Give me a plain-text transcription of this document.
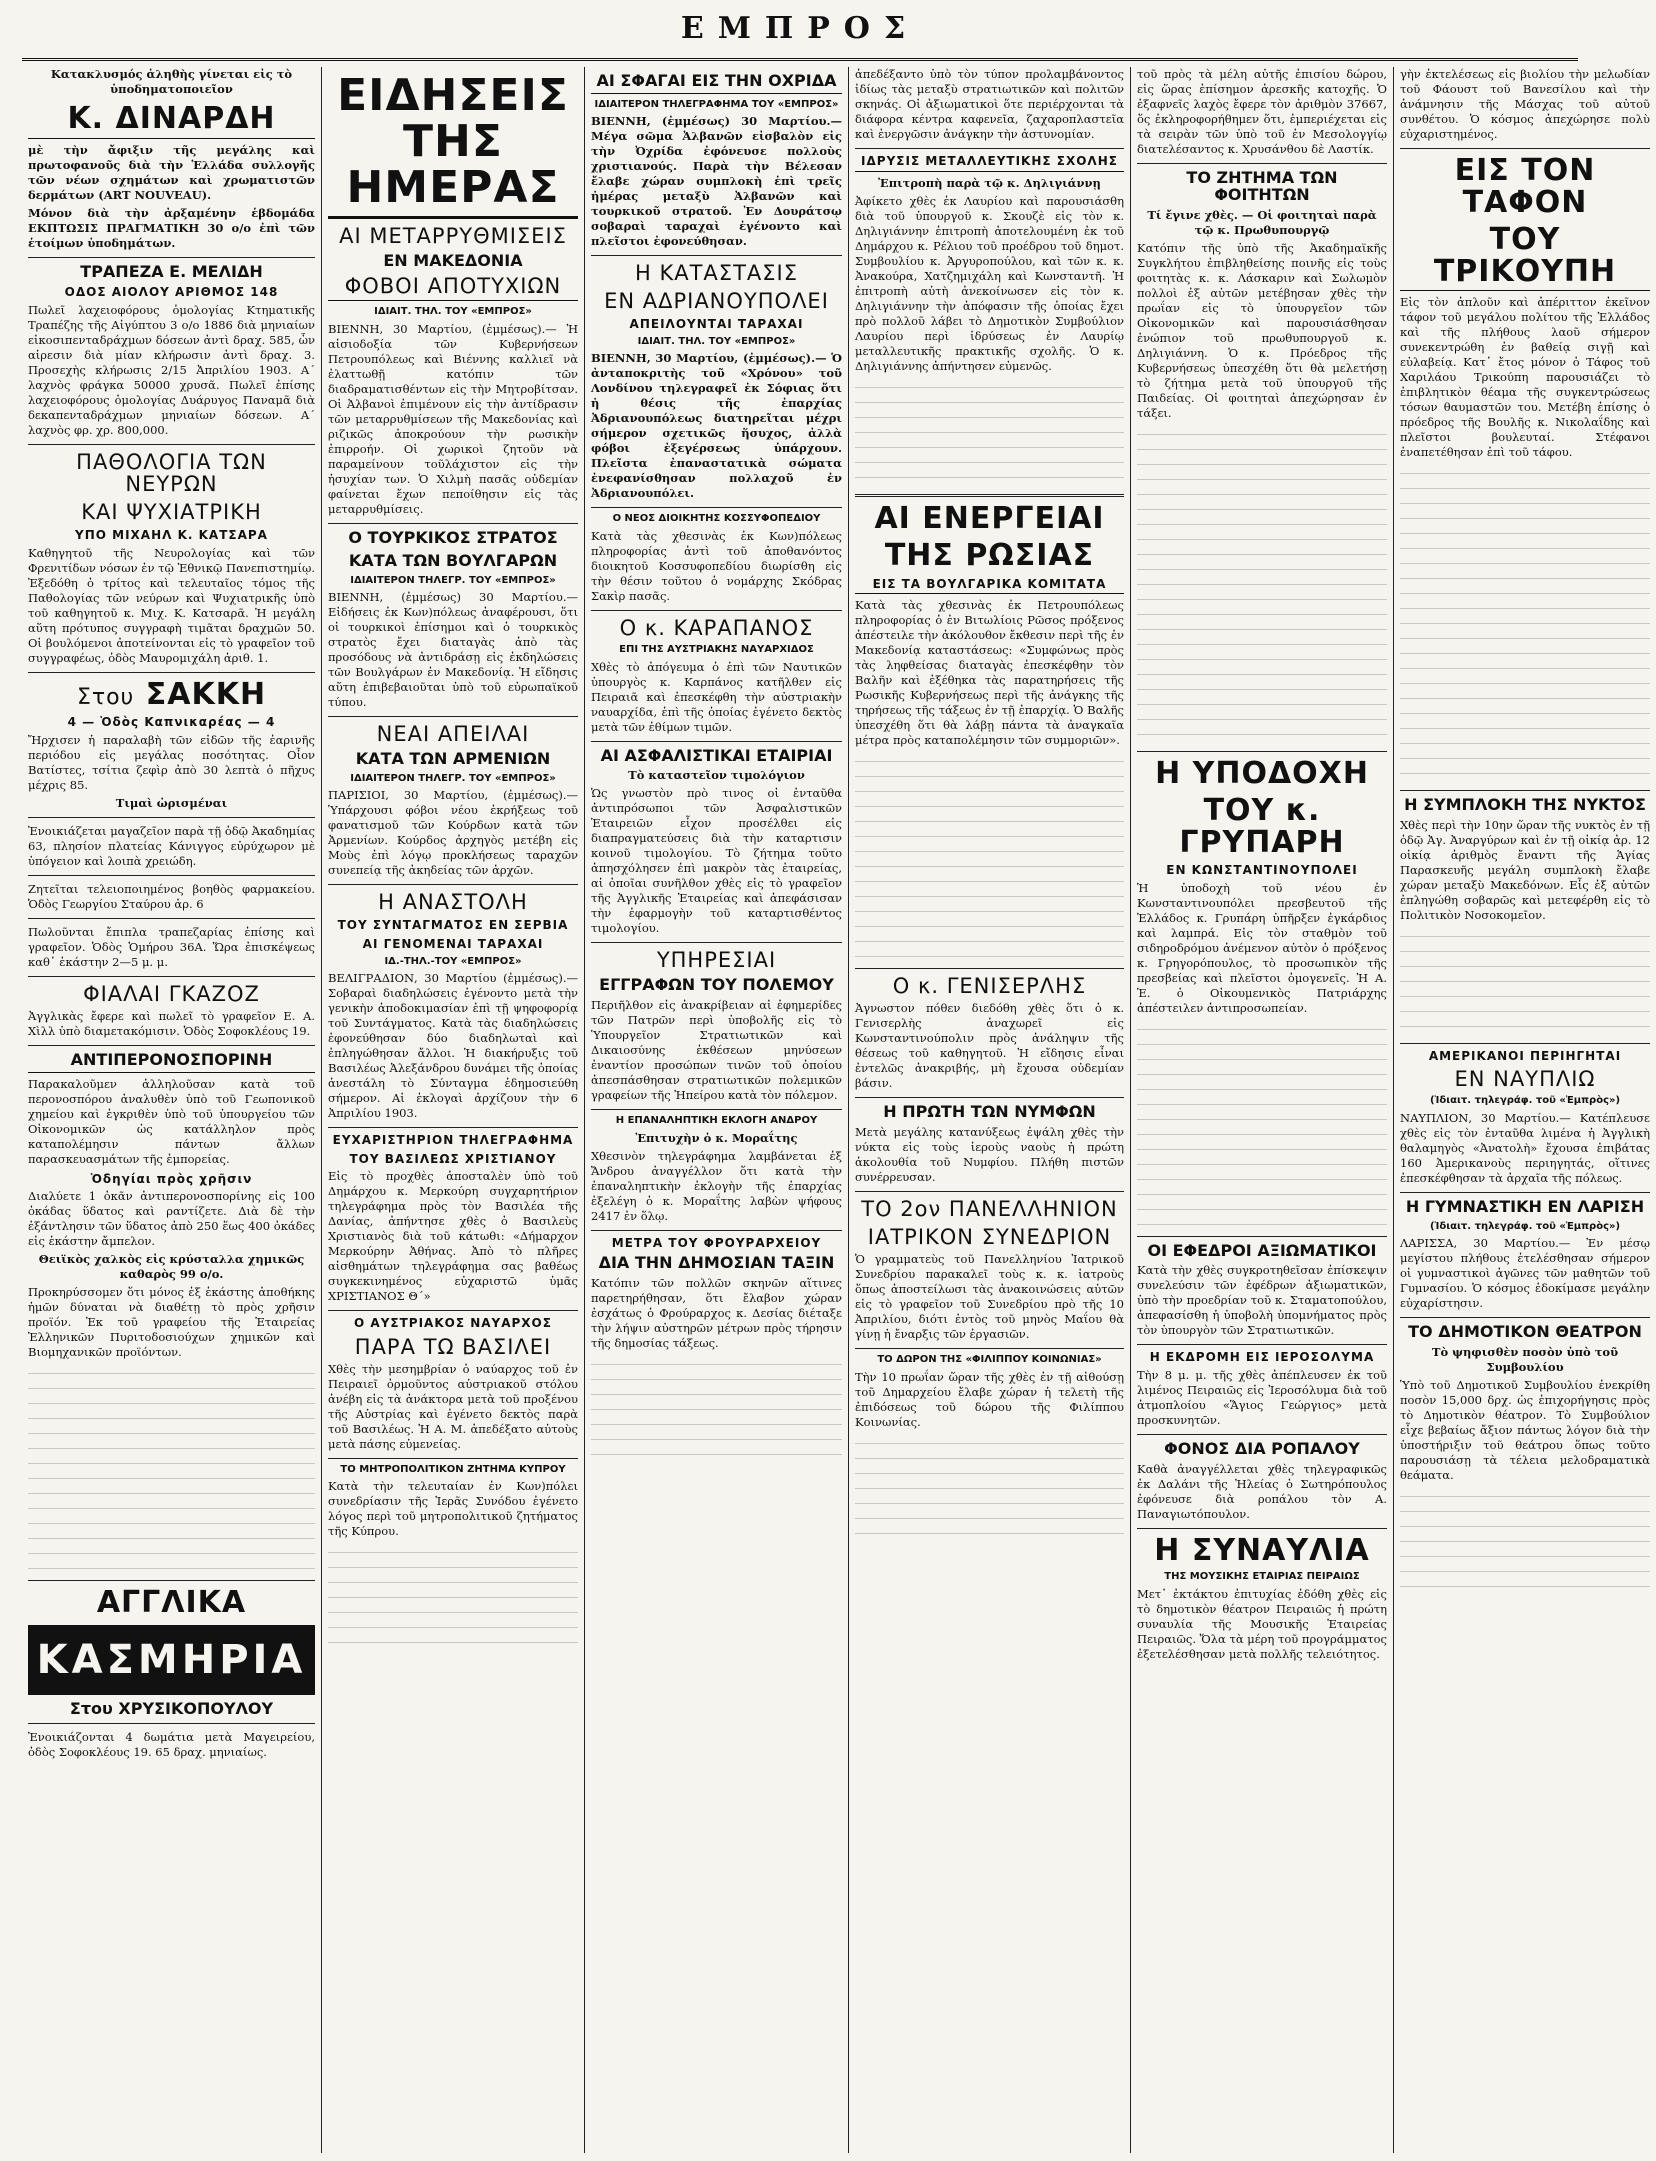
ΕΜΠΡΟΣ

Κατακλυσμός ἀληθὴς γίνεται εἰς τὸ ὑποδηματοποιεῖον

Κ. ΔΙΝΑΡΔΗ

μὲ τὴν ἄφιξιν τῆς μεγάλης καὶ πρωτοφανοῦς διὰ τὴν Ἑλλάδα συλλογῆς τῶν νέων σχημάτων καὶ χρωματιστῶν δερμάτων (ART NOUVEAU).

Μόνον διὰ τὴν ἀρξαμένην ἑβδομάδα ΕΚΠΤΩΣΙΣ ΠΡΑΓΜΑΤΙΚΗ 30 ο/ο ἐπὶ τῶν ἑτοίμων ὑποδημάτων.

ΤΡΑΠΕΖΑ Ε. ΜΕΛΙΔΗ
ΟΔΟΣ ΑΙΟΛΟΥ ΑΡΙΘΜΟΣ 148

Πωλεῖ λαχειοφόρους ὁμολογίας Κτηματικῆς Τραπέζης τῆς Αἰγύπτου 3 ο/ο 1886 διὰ μηνιαίων εἰκοσιπενταδράχμων δόσεων ἀντὶ δραχ. 585, ὧν αἱρεσιν διὰ μίαν κλήρωσιν ἀντὶ δραχ. 3. Προσεχὴς κλήρωσις 2/15 Ἀπριλίου 1903. Α΄ λαχνὸς φράγκα 50000 χρυσᾶ. Πωλεῖ ἐπίσης λαχειοφόρους ὁμολογίας Δυάρυγος Παναμᾶ διὰ δεκαπενταδράχμων μηνιαίων δόσεων. Α΄ λαχνὸς φρ. χρ. 800,000.

ΠΑΘΟΛΟΓΙΑ ΤΩΝ ΝΕΥΡΩΝ
ΚΑΙ ΨΥΧΙΑΤΡΙΚΗ
ΥΠΟ ΜΙΧΑΗΛ Κ. ΚΑΤΣΑΡΑ

Καθηγητοῦ τῆς Νευρολογίας καὶ τῶν Φρενιτίδων νόσων ἐν τῷ Ἐθνικῷ Πανεπιστημίῳ. Ἐξεδόθη ὁ τρίτος καὶ τελευταῖος τόμος τῆς Παθολογίας τῶν νεύρων καὶ Ψυχιατρικῆς ὑπὸ τοῦ καθηγητοῦ κ. Μιχ. Κ. Κατσαρᾶ. Ἡ μεγάλη αὕτη πρότυπος συγγραφὴ τιμᾶται δραχμῶν 50. Οἱ βουλόμενοι ἀποτείνονται εἰς τὸ γραφεῖον τοῦ συγγραφέως, ὁδὸς Μαυρομιχάλη ἀριθ. 1.

Στου ΣΑΚΚΗ
4 — Ὁδὸς Καπνικαρέας — 4

Ἤρχισεν ἡ παραλαβὴ τῶν εἰδῶν τῆς ἐαρινῆς περιόδου εἰς μεγάλας ποσότητας. Οἶον Βατίστες, τσίτια ζεφὶρ ἀπὸ 30 λεπτὰ ὁ πῆχυς μέχρις 85.

Τιμαὶ ὡρισμέναι

Ἐνοικιάζεται μαγαζεῖον παρὰ τῇ ὁδῷ Ἀκαδημίας 63, πλησίον πλατείας Κάνιγγος εὐρύχωρον μὲ ὑπόγειον καὶ λοιπὰ χρειώδη.

Ζητεῖται τελειοποιημένος βοηθὸς φαρμακείου. Ὁδὸς Γεωργίου Σταύρου ἀρ. 6

Πωλοῦνται ἔπιπλα τραπεζαρίας ἐπίσης καὶ γραφεῖον. Ὁδὸς Ὁμήρου 36Α. Ὥρα ἐπισκέψεως καθ᾽ ἑκάστην 2—5 μ. μ.

ΦΙΑΛΑΙ ΓΚΑΖΟΖ

Ἀγγλικὰς ἔφερε καὶ πωλεῖ τὸ γραφεῖον Ε. Α. Χὶλλ ὑπὸ διαμετακόμισιν. Ὁδὸς Σοφοκλέους 19.

ΑΝΤΙΠΕΡΟΝΟΣΠΟΡΙΝΗ

Παρακαλοῦμεν ἀλληλοῦσαν κατὰ τοῦ περονοσπόρου ἀναλυθὲν ὑπὸ τοῦ Γεωπονικοῦ χημείου καὶ ἐγκριθὲν ὑπὸ τοῦ ὑπουργείου τῶν Οἰκονομικῶν ὡς κατάλληλον πρὸς καταπολέμησιν πάντων ἄλλων παρασκευασμάτων τῆς ἐμπορείας.

Ὁδηγίαι πρὸς χρῆσιν

Διαλύετε 1 ὀκᾶν ἀντιπερονοσπορίνης εἰς 100 ὀκάδας ὕδατος καὶ ραντίζετε. Διὰ δὲ τὴν ἐξάντλησιν τῶν ὕδατος ἀπὸ 250 ἕως 400 ὀκάδες εἰς ἑκάστην ἄμπελον.

Θειϊκὸς χαλκὸς εἰς κρύσταλλα χημικῶς καθαρὸς 99 ο/ο.

Προκηρύσσομεν ὅτι μόνος ἐξ ἑκάστης ἀποθήκης ἡμῶν δύναται νὰ διαθέτῃ τὸ πρὸς χρῆσιν προϊόν. Ἐκ τοῦ γραφείου τῆς Ἑταιρείας Ἑλληνικῶν Πυριτοδοσιούχων χημικῶν καὶ Βιομηχανικῶν προϊόντων.

ΑΓΓΛΙΚΑ
ΚΑΣΜΗΡΙΑ
Στου ΧΡΥΣΙΚΟΠΟΥΛΟΥ

Ἐνοικιάζονται 4 δωμάτια μετὰ Μαγειρείου, ὁδὸς Σοφοκλέους 19. 65 δραχ. μηνιαίως.

ΕΙΔΗΣΕΙΣ ΤΗΣ ΗΜΕΡΑΣ
ΑΙ ΜΕΤΑΡΡΥΘΜΙΣΕΙΣ
ΕΝ ΜΑΚΕΔΟΝΙΑ
ΦΟΒΟΙ ΑΠΟΤΥΧΙΩΝ
ΙΔΙΑΙΤ. ΤΗΛ. ΤΟΥ «ΕΜΠΡΟΣ»

ΒΙΕΝΝΗ, 30 Μαρτίου, (ἐμμέσως).— Ἡ αἰσιοδοξία τῶν Κυβερνήσεων Πετρουπόλεως καὶ Βιέννης καλλιεῖ νὰ ἐλαττωθῇ κατόπιν τῶν διαδραματισθέντων εἰς τὴν Μητροβίτσαν. Οἱ Ἀλβανοὶ ἐπιμένουν εἰς τὴν ἀντίδρασιν τῶν μεταρρυθμίσεων τῆς Μακεδονίας καὶ ριζικῶς ἀποκρούουν τὴν ρωσικὴν ἐπιρροήν. Οἱ χωρικοὶ ζητοῦν νὰ παραμείνουν τοῦλάχιστον εἰς τὴν ἡσυχίαν των. Ὁ Χιλμὴ πασᾶς οὐδεμίαν φαίνεται ἔχων πεποίθησιν εἰς τὰς μεταρρυθμίσεις.

Ο ΤΟΥΡΚΙΚΟΣ ΣΤΡΑΤΟΣ
ΚΑΤΑ ΤΩΝ ΒΟΥΛΓΑΡΩΝ
ΙΔΙΑΙΤΕΡΟΝ ΤΗΛΕΓΡ. ΤΟΥ «ΕΜΠΡΟΣ»

ΒΙΕΝΝΗ, (ἐμμέσως) 30 Μαρτίου.— Εἰδήσεις ἐκ Κων)πόλεως ἀναφέρουσι, ὅτι οἱ τουρκικοὶ ἐπίσημοι καὶ ὁ τουρκικὸς στρατὸς ἔχει διαταγὰς ἀπὸ τὰς προσόδους νὰ ἀντιδράσῃ εἰς ἐκδηλώσεις τῶν Βουλγάρων ἐν Μακεδονίᾳ. Ἡ εἴδησις αὕτη ἐπιβεβαιοῦται ὑπὸ τοῦ εὐρωπαϊκοῦ τύπου.

ΝΕΑΙ ΑΠΕΙΛΑΙ
ΚΑΤΑ ΤΩΝ ΑΡΜΕΝΙΩΝ
ΙΔΙΑΙΤΕΡΟΝ ΤΗΛΕΓΡ. ΤΟΥ «ΕΜΠΡΟΣ»

ΠΑΡΙΣΙΟΙ, 30 Μαρτίου, (ἐμμέσως).— Ὑπάρχουσι φόβοι νέου ἐκρήξεως τοῦ φανατισμοῦ τῶν Κούρδων κατὰ τῶν Ἀρμενίων. Κούρδος ἀρχηγὸς μετέβη εἰς Μοὺς ἐπὶ λόγῳ προκλήσεως ταραχῶν συνεπείᾳ τῆς ἀκηδείας τῶν ἀρχῶν.

Η ΑΝΑΣΤΟΛΗ
ΤΟΥ ΣΥΝΤΑΓΜΑΤΟΣ ΕΝ ΣΕΡΒΙΑ
ΑΙ ΓΕΝΟΜΕΝΑΙ ΤΑΡΑΧΑΙ
ΙΔ.-ΤΗΛ.-ΤΟΥ «ΕΜΠΡΟΣ»

ΒΕΛΙΓΡΑΔΙΟΝ, 30 Μαρτίου (ἐμμέσως).— Σοβαραὶ διαδηλώσεις ἐγένοντο μετὰ τὴν γενικὴν ἀποδοκιμασίαν ἐπὶ τῇ ψηφοφορίᾳ τοῦ Συντάγματος. Κατὰ τὰς διαδηλώσεις ἐφονεύθησαν δύο διαδηλωταὶ καὶ ἐπληγώθησαν ἄλλοι. Ἡ διακήρυξις τοῦ Βασιλέως Ἀλεξάνδρου δυνάμει τῆς ὁποίας ἀνεστάλη τὸ Σύνταγμα ἐδημοσιεύθη σήμερον. Αἱ ἐκλογαὶ ἀρχίζουν τὴν 6 Ἀπριλίου 1903.

ΕΥΧΑΡΙΣΤΗΡΙΟΝ ΤΗΛΕΓΡΑΦΗΜΑ
ΤΟΥ ΒΑΣΙΛΕΩΣ ΧΡΙΣΤΙΑΝΟΥ

Εἰς τὸ προχθὲς ἀποσταλὲν ὑπὸ τοῦ Δημάρχου κ. Μερκούρη συγχαρητήριον τηλεγράφημα πρὸς τὸν Βασιλέα τῆς Δανίας, ἀπήντησε χθὲς ὁ Βασιλεὺς Χριστιανὸς διὰ τοῦ κάτωθι: «Δήμαρχον Μερκούρην Ἀθήνας. Ἀπὸ τὸ πλῆρες αἰσθημάτων τηλεγράφημα σας βαθέως συγκεκινημένος εὐχαριστῶ ὑμᾶς ΧΡΙΣΤΙΑΝΟΣ Θ΄»

Ο ΑΥΣΤΡΙΑΚΟΣ ΝΑΥΑΡΧΟΣ
ΠΑΡΑ ΤΩ ΒΑΣΙΛΕΙ

Χθὲς τὴν μεσημβρίαν ὁ ναύαρχος τοῦ ἐν Πειραιεῖ ὁρμοῦντος αὐστριακοῦ στόλου ἀνέβη εἰς τὰ ἀνάκτορα μετὰ τοῦ προξένου τῆς Αὐστρίας καὶ ἐγένετο δεκτὸς παρὰ τοῦ Βασιλέως. Ἡ Α. Μ. ἀπεδέξατο αὐτοὺς μετὰ πάσης εὐμενείας.

ΤΟ ΜΗΤΡΟΠΟΛΙΤΙΚΟΝ ΖΗΤΗΜΑ ΚΥΠΡΟΥ

Κατὰ τὴν τελευταίαν ἐν Κων)πόλει συνεδρίασιν τῆς Ἱερᾶς Συνόδου ἐγένετο λόγος περὶ τοῦ μητροπολιτικοῦ ζητήματος τῆς Κύπρου.

ΑΙ ΣΦΑΓΑΙ ΕΙΣ ΤΗΝ ΟΧΡΙΔΑ
ΙΔΙΑΙΤΕΡΟΝ ΤΗΛΕΓΡΑΦΗΜΑ ΤΟΥ «ΕΜΠΡΟΣ»

ΒΙΕΝΝΗ, (ἐμμέσως) 30 Μαρτίου.— Μέγα σῶμα Ἀλβανῶν εἰσβαλὸν εἰς τὴν Ὀχρίδα ἐφόνευσε πολλοὺς χριστιανούς. Παρὰ τὴν Βέλεσαν ἔλαβε χώραν συμπλοκὴ ἐπὶ τρεῖς ἡμέρας μεταξὺ Ἀλβανῶν καὶ τουρκικοῦ στρατοῦ. Ἐν Δουράτσῳ σοβαραὶ ταραχαὶ ἐγένοντο καὶ πλεῖστοι ἐφονεύθησαν.

Η ΚΑΤΑΣΤΑΣΙΣ
ΕΝ ΑΔΡΙΑΝΟΥΠΟΛΕΙ
ΑΠΕΙΛΟΥΝΤΑΙ ΤΑΡΑΧΑΙ
ΙΔΙΑΙΤ. ΤΗΛ. ΤΟΥ «ΕΜΠΡΟΣ»

ΒΙΕΝΝΗ, 30 Μαρτίου, (ἐμμέσως).— Ὁ ἀνταποκριτὴς τοῦ «Χρόνου» τοῦ Λονδίνου τηλεγραφεῖ ἐκ Σόφιας ὅτι ἡ θέσις τῆς ἐπαρχίας Ἀδριανουπόλεως διατηρεῖται μέχρι σήμερον σχετικῶς ἥσυχος, ἀλλὰ φόβοι ἐξεγέρσεως ὑπάρχουν. Πλεῖστα ἐπαναστατικὰ σώματα ἐνεφανίσθησαν πολλαχοῦ ἐν Ἀδριανουπόλει.

Ο ΝΕΟΣ ΔΙΟΙΚΗΤΗΣ ΚΟΣΣΥΦΟΠΕΔΙΟΥ

Κατὰ τὰς χθεσινὰς ἐκ Κων)πόλεως πληροφορίας ἀντὶ τοῦ ἀποθανόντος διοικητοῦ Κοσσυφοπεδίου διωρίσθη εἰς τὴν θέσιν τοῦτου ὁ νομάρχης Σκόδρας Σακὶρ πασᾶς.

Ο κ. ΚΑΡΑΠΑΝΟΣ
ΕΠΙ ΤΗΣ ΑΥΣΤΡΙΑΚΗΣ ΝΑΥΑΡΧΙΔΟΣ

Χθὲς τὸ ἀπόγευμα ὁ ἐπὶ τῶν Ναυτικῶν ὑπουργὸς κ. Καρπάνος κατῆλθεν εἰς Πειραιᾶ καὶ ἐπεσκέφθη τὴν αὐστριακὴν ναυαρχίδα, ἐπὶ τῆς ὁποίας ἐγένετο δεκτὸς μετὰ τῶν ἐθίμων τιμῶν.

ΑΙ ΑΣΦΑΛΙΣΤΙΚΑΙ ΕΤΑΙΡΙΑΙ

Τὸ καταστεῖον τιμολόγιον

Ὡς γνωστὸν πρὸ τινος οἱ ἐνταῦθα ἀντιπρόσωποι τῶν Ἀσφαλιστικῶν Ἑταιρειῶν εἶχον προσέλθει εἰς διαπραγματεύσεις διὰ τὴν καταρτισιν κοινοῦ τιμολογίου. Τὸ ζήτημα τοῦτο ἀπησχόλησεν ἐπὶ μακρὸν τὰς ἑταιρείας, αἱ ὁποῖαι συνῆλθον χθὲς εἰς τὸ γραφεῖον τῆς Ἀγγλικῆς Ἑταιρείας καὶ ἀπεφάσισαν τὴν ἐφαρμογὴν τοῦ καταρτισθέντος τιμολογίου.

ΥΠΗΡΕΣΙΑΙ
ΕΓΓΡΑΦΩΝ ΤΟΥ ΠΟΛΕΜΟΥ

Περιῆλθον εἰς ἀνακρίβειαν αἱ ἐφημερίδες τῶν Πατρῶν περὶ ὑποβολῆς εἰς τὸ Ὑπουργεῖον Στρατιωτικῶν καὶ Δικαιοσύνης ἐκθέσεων μηνύσεων ἐναντίον προσώπων τινῶν τοῦ ὁποίου ἀπεσπάσθησαν στρατιωτικῶν πολεμικῶν γραφείων τῆς Ἠπείρου κατὰ τὸν πόλεμον.

Η ΕΠΑΝΑΛΗΠΤΙΚΗ ΕΚΛΟΓΗ ΑΝΔΡΟΥ

Ἐπιτυχὴν ὁ κ. Μοραΐτης

Χθεσινὸν τηλεγράφημα λαμβάνεται ἐξ Ἄνδρου ἀναγγέλλον ὅτι κατὰ τὴν ἐπαναληπτικὴν ἐκλογὴν τῆς ἐπαρχίας ἐξελέγη ὁ κ. Μοραΐτης λαβὼν ψήφους 2417 ἐν ὅλῳ.

ΜΕΤΡΑ ΤΟΥ ΦΡΟΥΡΑΡΧΕΙΟΥ
ΔΙΑ ΤΗΝ ΔΗΜΟΣΙΑΝ ΤΑΞΙΝ

Κατόπιν τῶν πολλῶν σκηνῶν αἵτινες παρετηρήθησαν, ὅτι ἔλαβον χώραν ἐσχάτως ὁ Φρούραρχος κ. Δεσίας διέταξε τὴν λήψιν αὐστηρῶν μέτρων πρὸς τήρησιν τῆς δημοσίας τάξεως.

ἀπεδέξαντο ὑπὸ τὸν τύπον προλαμβάνοντος ἰδίως τὰς μεταξὺ στρατιωτικῶν καὶ πολιτῶν σκηνάς. Οἱ ἀξιωματικοὶ ὅτε περιέρχονται τὰ διάφορα κέντρα καφενεῖα, ζαχαροπλαστεῖα καὶ ἐνεργῶσιν ἀνάγκην τὴν ἀστυνομίαν.

ΙΔΡΥΣΙΣ ΜΕΤΑΛΛΕΥΤΙΚΗΣ ΣΧΟΛΗΣ

Ἐπιτροπὴ παρὰ τῷ κ. Δηλιγιάννῃ

Ἀφίκετο χθὲς ἐκ Λαυρίου καὶ παρουσιάσθη διὰ τοῦ ὑπουργοῦ κ. Σκουζὲ εἰς τὸν κ. Δηλιγιάννην ἐπιτροπὴ ἀποτελουμένη ἐκ τοῦ Δημάρχου κ. Ρέλιου τοῦ προέδρου τοῦ δημοτ. Συμβουλίου κ. Ἀργυροπούλου, καὶ τῶν κ. κ. Ἀνακούρα, Χατζημιχάλη καὶ Κωνσταντῆ. Ἡ ἐπιτροπὴ αὐτὴ ἀνεκοίνωσεν εἰς τὸν κ. Δηλιγιάννην τὴν ἀπόφασιν τῆς ὁποίας ἔχει πρὸ πολλοῦ λάβει τὸ Δημοτικὸν Συμβούλιον Λαυρίου περὶ ἱδρύσεως ἐν Λαυρίῳ μεταλλευτικῆς πρακτικῆς σχολῆς. Ὁ κ. Δηλιγιάννης ἀπήντησεν εὐμενῶς.

ΑΙ ΕΝΕΡΓΕΙΑΙ
ΤΗΣ ΡΩΣΙΑΣ
ΕΙΣ ΤΑ ΒΟΥΛΓΑΡΙΚΑ ΚΟΜΙΤΑΤΑ

Κατὰ τὰς χθεσινὰς ἐκ Πετρουπόλεως πληροφορίας ὁ ἐν Βιτωλίοις Ρῶσος πρόξενος ἀπέστειλε τὴν ἀκόλουθον ἔκθεσιν περὶ τῆς ἐν Μακεδονίᾳ καταστάσεως: «Συμφώνως πρὸς τὰς ληφθείσας διαταγὰς ἐπεσκέφθην τὸν Βαλῆν καὶ ἐξέθηκα τὰς παρατηρήσεις τῆς Ρωσικῆς Κυβερνήσεως περὶ τῆς ἀνάγκης τῆς τηρήσεως τῆς τάξεως ἐν τῇ ἐπαρχίᾳ. Ὁ Βαλῆς ὑπεσχέθη ὅτι θὰ λάβῃ πάντα τὰ ἀναγκαῖα μέτρα πρὸς καταπολέμησιν τῶν συμμοριῶν».

Ο κ. ΓΕΝΙΣΕΡΛΗΣ

Ἀγνωστον πόθεν διεδόθη χθὲς ὅτι ὁ κ. Γενισερλὴς ἀναχωρεῖ εἰς Κωνσταντινούπολιν πρὸς ἀνάληψιν τῆς θέσεως τοῦ καθηγητοῦ. Ἡ εἴδησις εἶναι ἐντελῶς ἀνακριβής, μὴ ἔχουσα οὐδεμίαν βάσιν.

Η ΠΡΩΤΗ ΤΩΝ ΝΥΜΦΩΝ

Μετὰ μεγάλης κατανύξεως ἐψάλη χθὲς τὴν νύκτα εἰς τοὺς ἱεροὺς ναοὺς ἡ πρώτη ἀκολουθία τοῦ Νυμφίου. Πλήθη πιστῶν συνέρρευσαν.

ΤΟ 2ον ΠΑΝΕΛΛΗΝΙΟΝ
ΙΑΤΡΙΚΟΝ ΣΥΝΕΔΡΙΟΝ

Ὁ γραμματεὺς τοῦ Πανελληνίου Ἰατρικοῦ Συνεδρίου παρακαλεῖ τοὺς κ. κ. ἰατροὺς ὅπως ἀποστείλωσι τὰς ἀνακοινώσεις αὐτῶν εἰς τὸ γραφεῖον τοῦ Συνεδρίου πρὸ τῆς 10 Ἀπριλίου, διότι ἐντὸς τοῦ μηνὸς Μαΐου θὰ γίνῃ ἡ ἔναρξις τῶν ἐργασιῶν.

ΤΟ ΔΩΡΟΝ ΤΗΣ «ΦΙΛΙΠΠΟΥ ΚΟΙΝΩΝΙΑΣ»

Τὴν 10 πρωΐαν ὥραν τῆς χθὲς ἐν τῇ αἰθούσῃ τοῦ Δημαρχείου ἔλαβε χώραν ἡ τελετὴ τῆς ἐπιδόσεως τοῦ δώρου τῆς Φιλίππου Κοινωνίας.

τοῦ πρὸς τὰ μέλη αὐτῆς ἐπισίου δώρου, εἰς ὥρας ἐπίσημον ἀρεσκῆς κατοχῆς. Ὁ ἐξαφνεῖς λαχὸς ἔφερε τὸν ἀριθμὸν 37667, ὅς ἐκληροφορήθημεν ὅτι, ἐμπεριέχεται εἰς τὰ σειρὰν τῶν ὑπὸ τοῦ ἐν Μεσολογγίῳ διατελέσαντος κ. Χρυσάνθου δὲ Λαστίκ.

ΤΟ ΖΗΤΗΜΑ ΤΩΝ ΦΟΙΤΗΤΩΝ

Τί ἔγινε χθὲς. — Οἱ φοιτηταὶ παρὰ τῷ κ. Πρωθυπουργῷ

Κατόπιν τῆς ὑπὸ τῆς Ἀκαδημαϊκῆς Συγκλήτου ἐπιβληθείσης ποινῆς εἰς τοὺς φοιτητὰς κ. κ. Λάσκαριν καὶ Σωλωμὸν πολλοὶ ἐξ αὐτῶν μετέβησαν χθὲς τὴν πρωΐαν εἰς τὸ ὑπουργεῖον τῶν Οἰκονομικῶν καὶ παρουσιάσθησαν ἐνώπιον τοῦ πρωθυπουργοῦ κ. Δηλιγιάννη. Ὁ κ. Πρόεδρος τῆς Κυβερνήσεως ὑπεσχέθη ὅτι θὰ μελετήσῃ τὸ ζήτημα μετὰ τοῦ ὑπουργοῦ τῆς Παιδείας. Οἱ φοιτηταὶ ἀπεχώρησαν ἐν τάξει.

Η ΥΠΟΔΟΧΗ
ΤΟΥ κ. ΓΡΥΠΑΡΗ
ΕΝ ΚΩΝΣΤΑΝΤΙΝΟΥΠΟΛΕΙ

Ἡ ὑποδοχὴ τοῦ νέου ἐν Κωνσταντινουπόλει πρεσβευτοῦ τῆς Ἑλλάδος κ. Γρυπάρη ὑπῆρξεν ἐγκάρδιος καὶ λαμπρά. Εἰς τὸν σταθμὸν τοῦ σιδηροδρόμου ἀνέμενον αὐτὸν ὁ πρόξενος κ. Γρηγορόπουλος, τὸ προσωπικὸν τῆς πρεσβείας καὶ πλεῖστοι ὁμογενεῖς. Ἡ Α. Ἐ. ὁ Οἰκουμενικὸς Πατριάρχης ἀπέστειλεν ἀντιπροσωπείαν.

ΟΙ ΕΦΕΔΡΟΙ ΑΞΙΩΜΑΤΙΚΟΙ

Κατὰ τὴν χθὲς συγκροτηθεῖσαν ἐπίσκεψιν συνελεύσιν τῶν ἐφέδρων ἀξιωματικῶν, ὑπὸ τὴν προεδρίαν τοῦ κ. Σταματοπούλου, ἀπεφασίσθη ἡ ὑποβολὴ ὑπομνήματος πρὸς τὸν ὑπουργὸν τῶν Στρατιωτικῶν.

Η ΕΚΔΡΟΜΗ ΕΙΣ ΙΕΡΟΣΟΛΥΜΑ

Τὴν 8 μ. μ. τῆς χθὲς ἀπέπλευσεν ἐκ τοῦ λιμένος Πειραιῶς εἰς Ἱεροσόλυμα διὰ τοῦ ἀτμοπλοίου «Ἅγιος Γεώργιος» μετὰ προσκυνητῶν.

ΦΟΝΟΣ ΔΙΑ ΡΟΠΑΛΟΥ

Καθὰ ἀναγγέλλεται χθὲς τηλεγραφικῶς ἐκ Δαλάνι τῆς Ἠλείας ὁ Σωτηρόπουλος ἐφόνευσε διὰ ροπάλου τὸν Α. Παναγιωτόπουλον.

Η ΣΥΝΑΥΛΙΑ
ΤΗΣ ΜΟΥΣΙΚΗΣ ΕΤΑΙΡΙΑΣ ΠΕΙΡΑΙΩΣ

Μετ᾽ ἐκτάκτου ἐπιτυχίας ἐδόθη χθὲς εἰς τὸ δημοτικὸν θέατρον Πειραιῶς ἡ πρώτη συναυλία τῆς Μουσικῆς Ἑταιρείας Πειραιῶς. Ὅλα τὰ μέρη τοῦ προγράμματος ἐξετελέσθησαν μετὰ πολλῆς τελειότητος.

γὴν ἐκτελέσεως εἰς βιολίου τὴν μελωδίαν τοῦ Φάουστ τοῦ Βανεσίλου καὶ τὴν ἀνάμνησιν τῆς Μάσχας τοῦ αὐτοῦ συνθέτου. Ὁ κόσμος ἀπεχώρησε πολὺ εὐχαριστημένος.

ΕΙΣ ΤΟΝ ΤΑΦΟΝ
ΤΟΥ ΤΡΙΚΟΥΠΗ

Εἰς τὸν ἀπλοῦν καὶ ἀπέριττον ἐκεῖνον τάφον τοῦ μεγάλου πολίτου τῆς Ἑλλάδος καὶ τῆς πλήθους λαοῦ σήμερον συνεκεντρώθη ἐν βαθείᾳ σιγῇ καὶ εὐλαβείᾳ. Κατ᾽ ἔτος μόνον ὁ Τάφος τοῦ Χαριλάου Τρικούπη παρουσιάζει τὸ ἐπιβλητικὸν θέαμα τῆς συγκεντρώσεως τόσων θαυμαστῶν του. Μετέβη ἐπίσης ὁ πρόεδρος τῆς Βουλῆς κ. Νικολαΐδης καὶ πλεῖστοι βουλευταί. Στέφανοι ἐναπετέθησαν ἐπὶ τοῦ τάφου.

Η ΣΥΜΠΛΟΚΗ ΤΗΣ ΝΥΚΤΟΣ

Χθὲς περὶ τὴν 10ην ὥραν τῆς νυκτὸς ἐν τῇ ὁδῷ Ἀγ. Ἀναργύρων καὶ ἐν τῇ οἰκίᾳ ἀρ. 12 οἰκίᾳ ἀριθμὸς ἔναντι τῆς Ἁγίας Παρασκευῆς μεγάλη συμπλοκὴ ἔλαβε χώραν μεταξὺ Μακεδόνων. Εἷς ἐξ αὐτῶν ἐπληγώθη σοβαρῶς καὶ μετεφέρθη εἰς τὸ Πολιτικὸν Νοσοκομεῖον.

ΑΜΕΡΙΚΑΝΟΙ ΠΕΡΙΗΓΗΤΑΙ
ΕΝ ΝΑΥΠΛΙΩ
(Ἰδιαιτ. τηλεγράφ. τοῦ «Ἐμπρὸς»)

ΝΑΥΠΛΙΟΝ, 30 Μαρτίου.— Κατέπλευσε χθὲς εἰς τὸν ἐνταῦθα λιμένα ἡ Ἀγγλικὴ θαλαμηγὸς «Ἀνατολὴ» ἔχουσα ἐπιβάτας 160 Ἀμερικανοὺς περιηγητάς, οἵτινες ἐπεσκέφθησαν τὰ ἀρχαῖα τῆς πόλεως.

Η ΓΥΜΝΑΣΤΙΚΗ ΕΝ ΛΑΡΙΣΗ
(Ἰδιαιτ. τηλεγράφ. τοῦ «Ἐμπρὸς»)

ΛΑΡΙΣΣΑ, 30 Μαρτίου.— Ἐν μέσῳ μεγίστου πλήθους ἐτελέσθησαν σήμερον οἱ γυμναστικοὶ ἀγῶνες τῶν μαθητῶν τοῦ Γυμνασίου. Ὁ κόσμος ἐδοκίμασε μεγάλην εὐχαρίστησιν.

ΤΟ ΔΗΜΟΤΙΚΟΝ ΘΕΑΤΡΟΝ

Τὸ ψηφισθὲν ποσὸν ὑπὸ τοῦ Συμβουλίου

Ὑπὸ τοῦ Δημοτικοῦ Συμβουλίου ἐνεκρίθη ποσὸν 15,000 δρχ. ὡς ἐπιχορήγησις πρὸς τὸ Δημοτικὸν θέατρον. Τὸ Συμβούλιον εἶχε βεβαίως ἄξιον πάντως λόγον διὰ τὴν ὑποστήριξιν τοῦ θεάτρου ὅπως τοῦτο παρουσιάσῃ τὰ τέλεια μελοδραματικὰ θεάματα.
